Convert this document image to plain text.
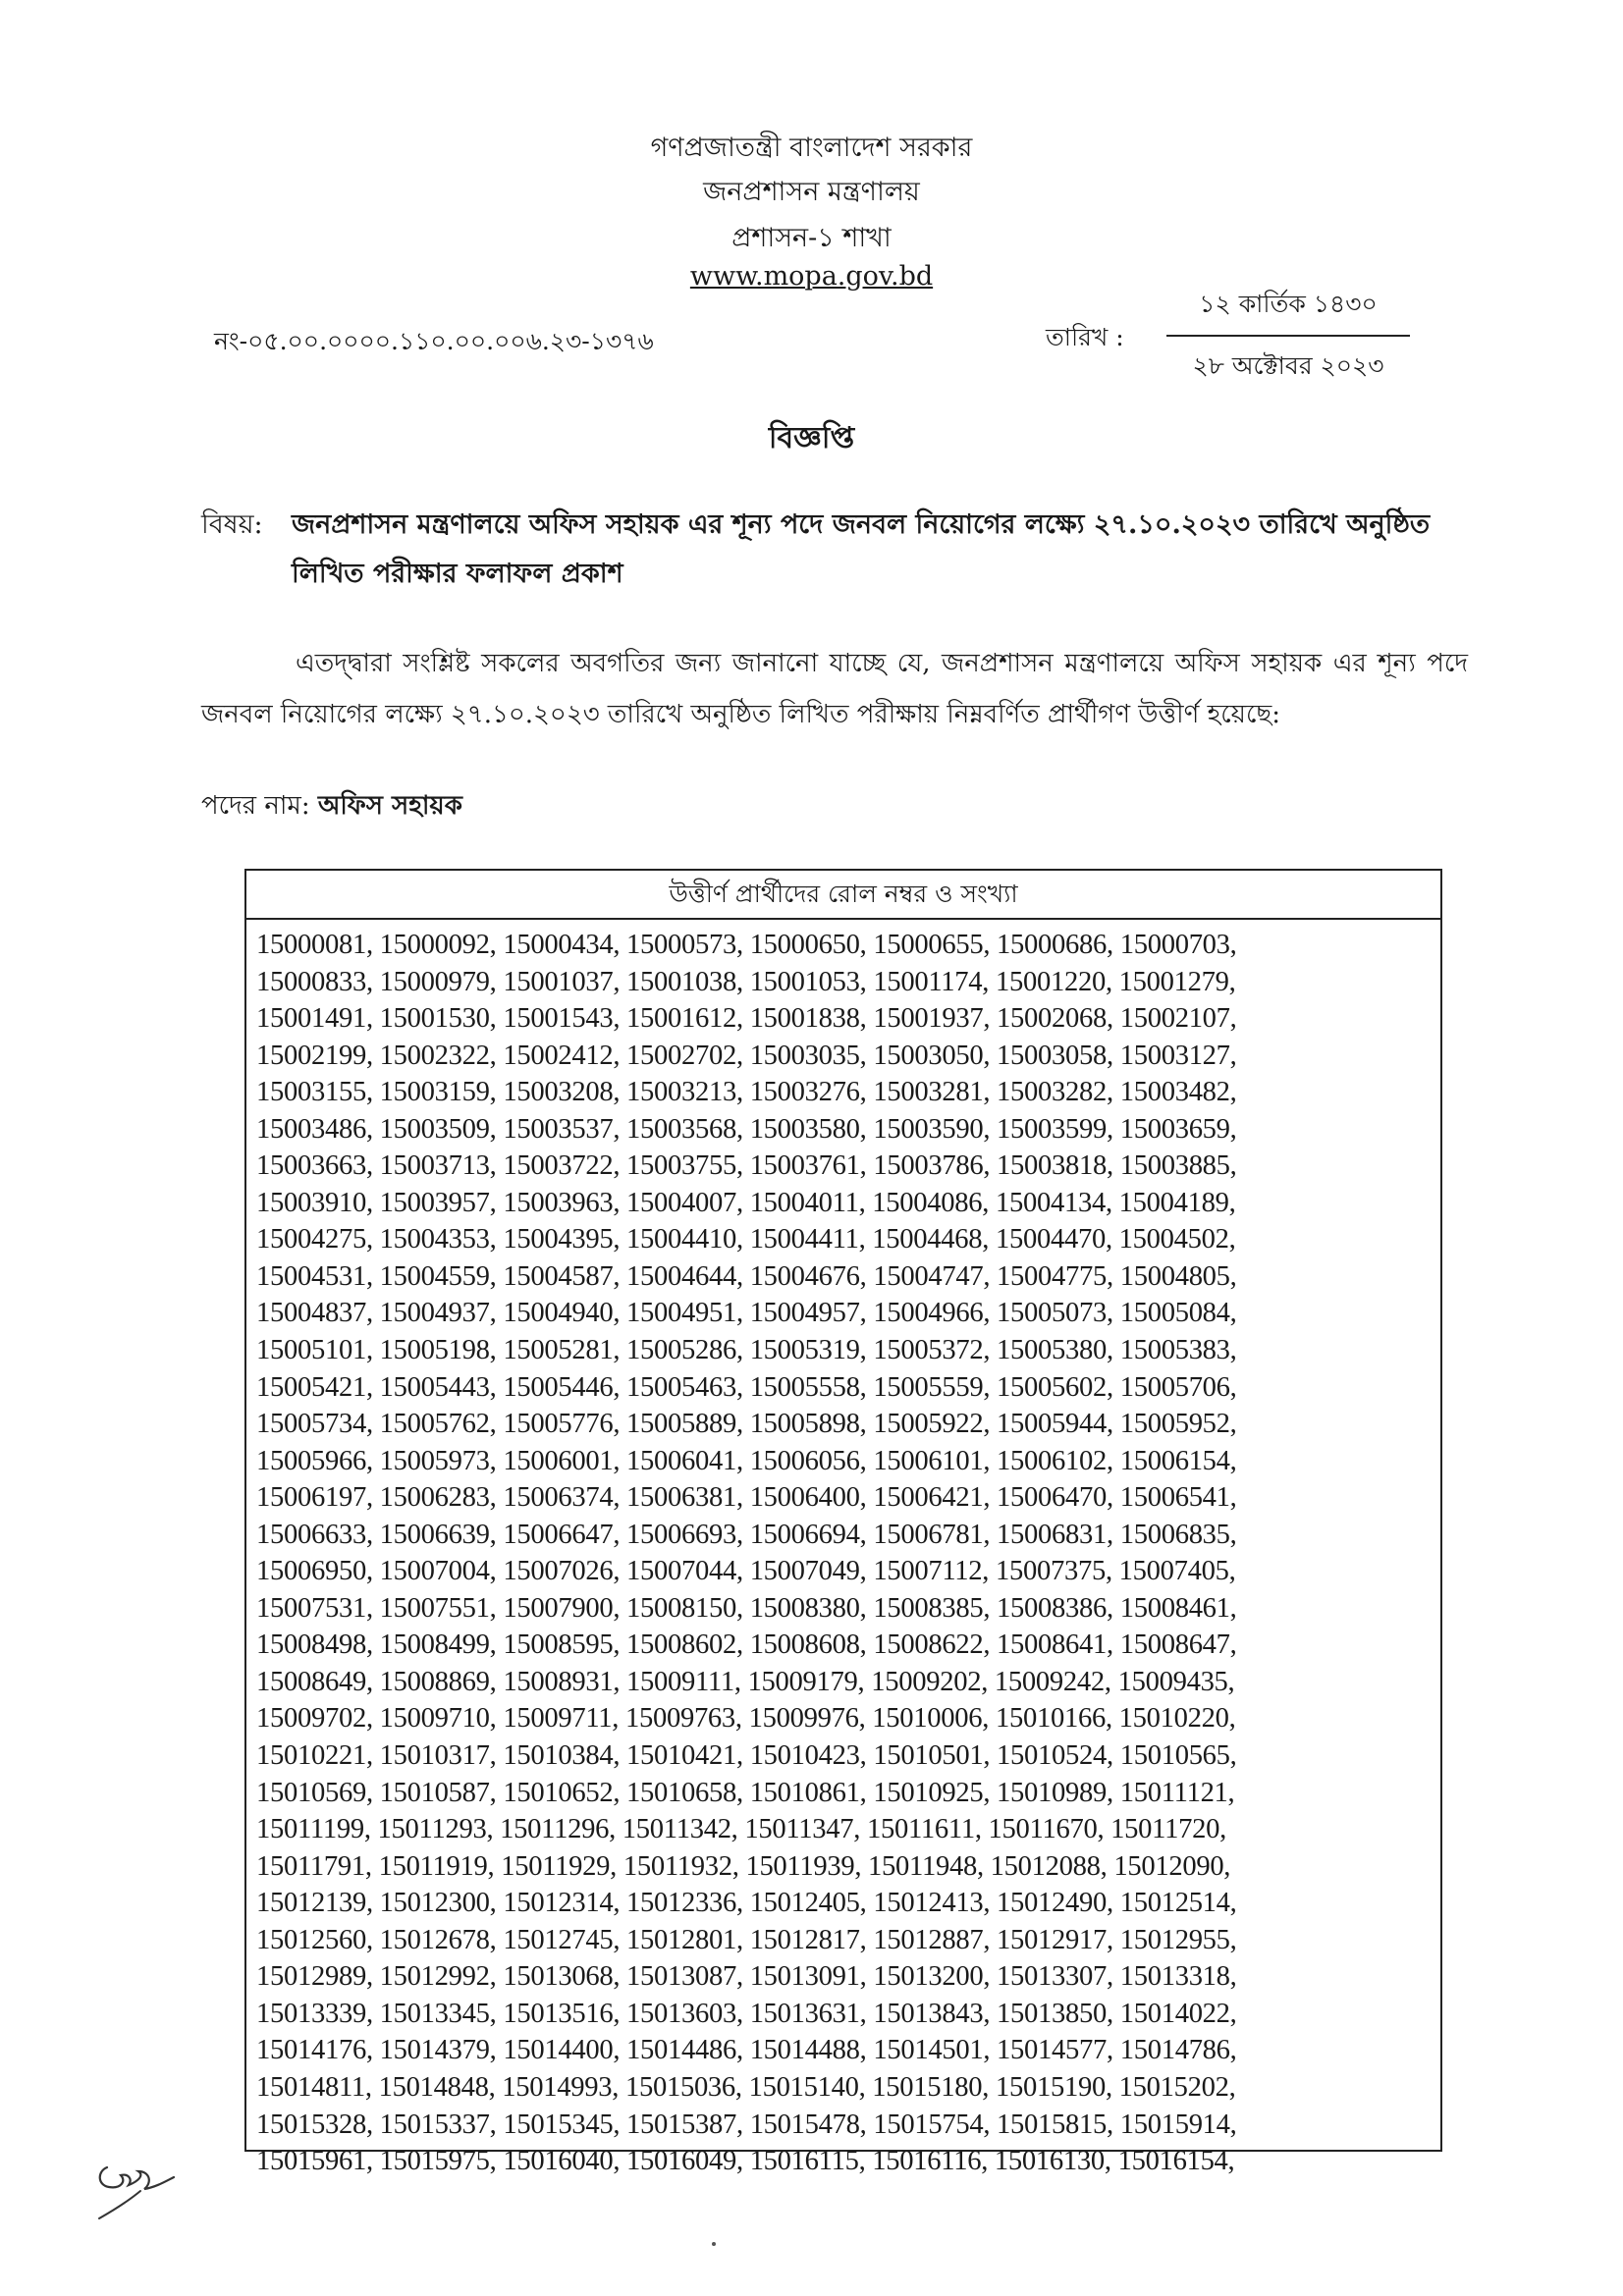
গণপ্রজাতন্ত্রী বাংলাদেশ সরকার
জনপ্রশাসন মন্ত্রণালয়
প্রশাসন-১ শাখা
www.mopa.gov.bd
নং-০৫.০০.০০০০.১১০.০০.০০৬.২৩-১৩৭৬	তারিখ :
১২ কার্তিক ১৪৩০
২৮ অক্টোবর ২০২৩
বিজ্ঞপ্তি
বিষয়: জনপ্রশাসন মন্ত্রণালয়ে অফিস সহায়ক এর শূন্য পদে জনবল নিয়োগের লক্ষ্যে ২৭.১০.২০২৩ তারিখে অনুষ্ঠিত লিখিত পরীক্ষার ফলাফল প্রকাশ
এতদ্দ্বারা সংশ্লিষ্ট সকলের অবগতির জন্য জানানো যাচ্ছে যে, জনপ্রশাসন মন্ত্রণালয়ে অফিস সহায়ক এর শূন্য পদে জনবল নিয়োগের লক্ষ্যে ২৭.১০.২০২৩ তারিখে অনুষ্ঠিত লিখিত পরীক্ষায় নিম্নবর্ণিত প্রার্থীগণ উত্তীর্ণ হয়েছে:
পদের নাম: অফিস সহায়ক
উত্তীর্ণ প্রার্থীদের রোল নম্বর ও সংখ্যা
15000081, 15000092, 15000434, 15000573, 15000650, 15000655, 15000686, 15000703,
15000833, 15000979, 15001037, 15001038, 15001053, 15001174, 15001220, 15001279,
15001491, 15001530, 15001543, 15001612, 15001838, 15001937, 15002068, 15002107,
15002199, 15002322, 15002412, 15002702, 15003035, 15003050, 15003058, 15003127,
15003155, 15003159, 15003208, 15003213, 15003276, 15003281, 15003282, 15003482,
15003486, 15003509, 15003537, 15003568, 15003580, 15003590, 15003599, 15003659,
15003663, 15003713, 15003722, 15003755, 15003761, 15003786, 15003818, 15003885,
15003910, 15003957, 15003963, 15004007, 15004011, 15004086, 15004134, 15004189,
15004275, 15004353, 15004395, 15004410, 15004411, 15004468, 15004470, 15004502,
15004531, 15004559, 15004587, 15004644, 15004676, 15004747, 15004775, 15004805,
15004837, 15004937, 15004940, 15004951, 15004957, 15004966, 15005073, 15005084,
15005101, 15005198, 15005281, 15005286, 15005319, 15005372, 15005380, 15005383,
15005421, 15005443, 15005446, 15005463, 15005558, 15005559, 15005602, 15005706,
15005734, 15005762, 15005776, 15005889, 15005898, 15005922, 15005944, 15005952,
15005966, 15005973, 15006001, 15006041, 15006056, 15006101, 15006102, 15006154,
15006197, 15006283, 15006374, 15006381, 15006400, 15006421, 15006470, 15006541,
15006633, 15006639, 15006647, 15006693, 15006694, 15006781, 15006831, 15006835,
15006950, 15007004, 15007026, 15007044, 15007049, 15007112, 15007375, 15007405,
15007531, 15007551, 15007900, 15008150, 15008380, 15008385, 15008386, 15008461,
15008498, 15008499, 15008595, 15008602, 15008608, 15008622, 15008641, 15008647,
15008649, 15008869, 15008931, 15009111, 15009179, 15009202, 15009242, 15009435,
15009702, 15009710, 15009711, 15009763, 15009976, 15010006, 15010166, 15010220,
15010221, 15010317, 15010384, 15010421, 15010423, 15010501, 15010524, 15010565,
15010569, 15010587, 15010652, 15010658, 15010861, 15010925, 15010989, 15011121,
15011199, 15011293, 15011296, 15011342, 15011347, 15011611, 15011670, 15011720,
15011791, 15011919, 15011929, 15011932, 15011939, 15011948, 15012088, 15012090,
15012139, 15012300, 15012314, 15012336, 15012405, 15012413, 15012490, 15012514,
15012560, 15012678, 15012745, 15012801, 15012817, 15012887, 15012917, 15012955,
15012989, 15012992, 15013068, 15013087, 15013091, 15013200, 15013307, 15013318,
15013339, 15013345, 15013516, 15013603, 15013631, 15013843, 15013850, 15014022,
15014176, 15014379, 15014400, 15014486, 15014488, 15014501, 15014577, 15014786,
15014811, 15014848, 15014993, 15015036, 15015140, 15015180, 15015190, 15015202,
15015328, 15015337, 15015345, 15015387, 15015478, 15015754, 15015815, 15015914,
15015961, 15015975, 15016040, 15016049, 15016115, 15016116, 15016130, 15016154,
